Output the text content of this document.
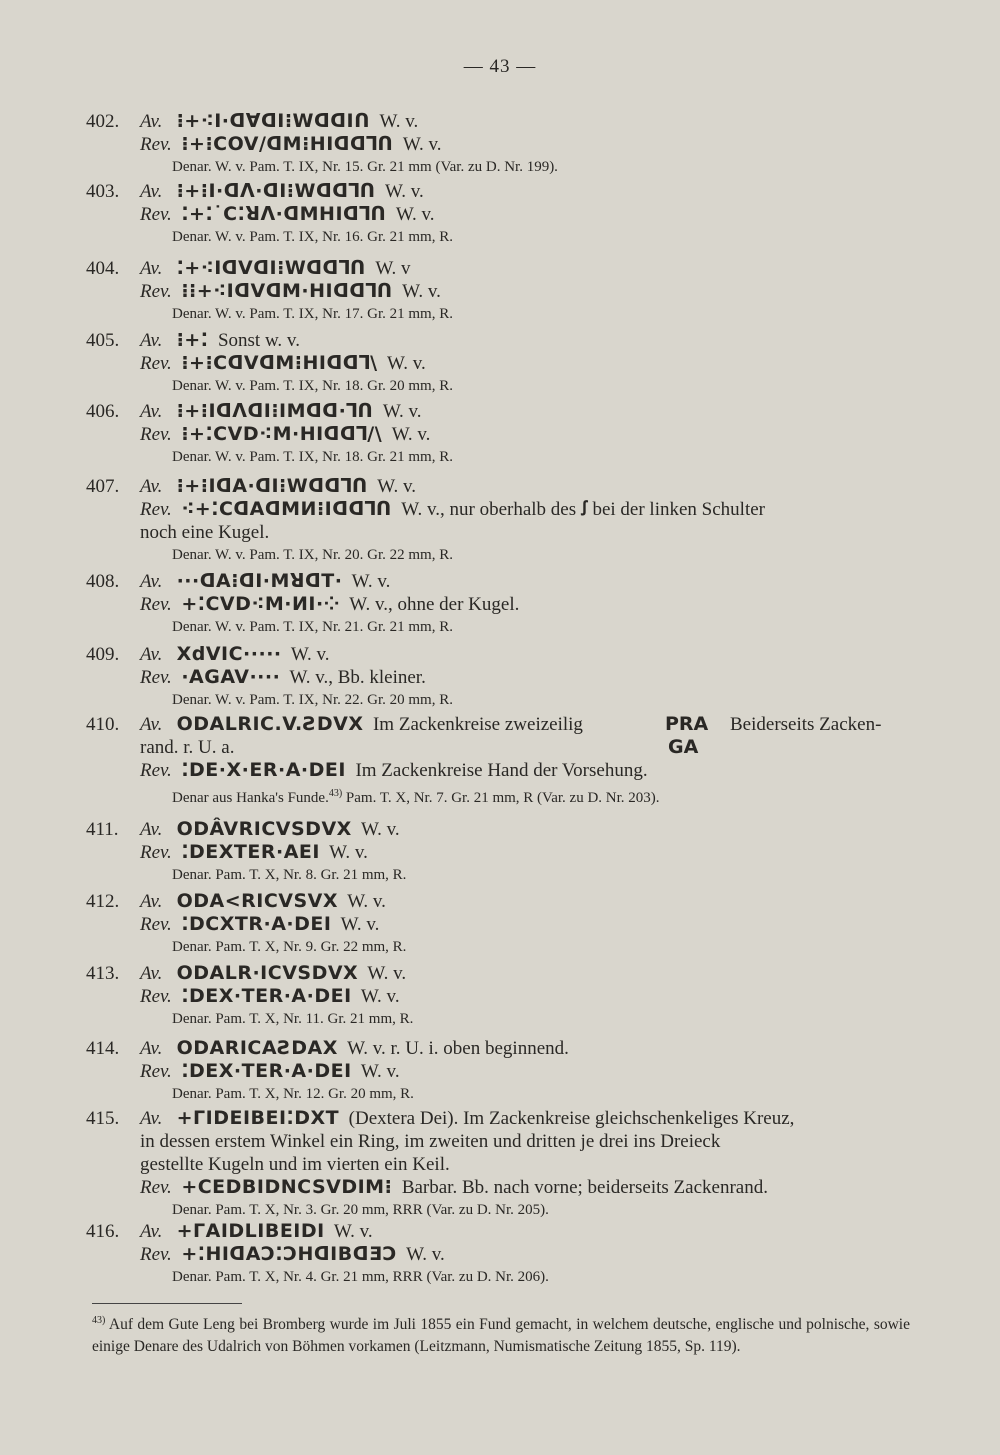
— 43 —
402.	Av. ⁝+⁖I·ꓷꓯꓷI⁝WꓷꓷIꓵ W. v.
Rev. ⁝+⁝COV/ꓷM⁝HIꓷꓷꓶꓵ W. v.
Denar. W. v. Pam. T. IX, Nr. 15. Gr. 21 mm (Var. zu D. Nr. 199).
403.	Av. ⁝+⁝I·ꓷꓥ·ꓷI⁝Wꓷꓷꓶꓵ W. v.
Rev. ⁚+⁚˙C⁚ꓤꓥ·ꓷMHIꓷꓶꓵ W. v.
Denar. W. v. Pam. T. IX, Nr. 16. Gr. 21 mm, R.
404.	Av. ⁚+⁖IꓷVꓷI⁝Wꓷꓷꓶꓵ W. v
Rev. ⁝⁝+⁖IꓷVꓷM·HIꓷꓷꓶꓵ W. v.
Denar. W. v. Pam. T. IX, Nr. 17. Gr. 21 mm, R.
405.	Av. ⁝+⁚ Sonst w. v.
Rev. ⁝+⁝CꓷVꓷM⁝HIꓷꓷꓶ\ W. v.
Denar. W. v. Pam. T. IX, Nr. 18. Gr. 20 mm, R.
406.	Av. ⁝+⁝IꓷꓥꓷI⁝IMꓷꓷ·ꓶꓵ W. v.
Rev. ⁝+⁚CVD⁖M·HIꓷꓷꓶ/\ W. v.
Denar. W. v. Pam. T. IX, Nr. 18. Gr. 21 mm, R.
407.	Av. ⁝+⁝IꓷA·ꓷI⁝Wꓷꓷꓶꓵ W. v.
Rev. ⁖+⁚CꓷAꓷMИ⁝Iꓷꓷꓶꓵ W. v., nur oberhalb des ꭍ bei der linken Schulter
noch eine Kugel.
Denar. W. v. Pam. T. IX, Nr. 20. Gr. 22 mm, R.
408.	Av. ···ꓷA⁝ꓷI·MꓤꓷT· W. v.
Rev. +⁚CVD⁖M·ИI·⁘ W. v., ohne der Kugel.
Denar. W. v. Pam. T. IX, Nr. 21. Gr. 21 mm, R.
409.	Av. XdVIC····· W. v.
Rev. ·AGAV···· W. v., Bb. kleiner.
Denar. W. v. Pam. T. IX, Nr. 22. Gr. 20 mm, R.
410.	Av. ODALRIC.V.ƧDVX Im Zackenkreise zweizeilig	PRA Beiderseits Zacken-
rand. r. U. a.	GA
Rev. ⁚DE·X·ER·A·DEI Im Zackenkreise Hand der Vorsehung.
Denar aus Hanka's Funde.$^{43)}$ Pam. T. X, Nr. 7. Gr. 21 mm, R (Var. zu D. Nr. 203).
411.	Av. ODÂVRICVSDVX W. v.
Rev. ⁚DEXTER·AEI W. v.
Denar. Pam. T. X, Nr. 8. Gr. 21 mm, R.
412.	Av. ODA<RICVSVX W. v.
Rev. ⁚DCXTR·A·DEI W. v.
Denar. Pam. T. X, Nr. 9. Gr. 22 mm, R.
413.	Av. ODALR·ICVSDVX W. v.
Rev. ⁚DEX·TER·A·DEI W. v.
Denar. Pam. T. X, Nr. 11. Gr. 21 mm, R.
414.	Av. ODARICAƧDAX W. v. r. U. i. oben beginnend.
Rev. ⁚DEX·TER·A·DEI W. v.
Denar. Pam. T. X, Nr. 12. Gr. 20 mm, R.
415.	Av. +ГIDEIBEI⁚DXT (Dextera Dei). Im Zackenkreise gleichschenkeliges Kreuz,
in dessen erstem Winkel ein Ring, im zweiten und dritten je drei ins Dreieck
gestellte Kugeln und im vierten ein Keil.
Rev. +CEDBIDNCSVDIM⁝ Barbar. Bb. nach vorne; beiderseits Zackenrand.
Denar. Pam. T. X, Nr. 3. Gr. 20 mm, RRR (Var. zu D. Nr. 205).
416.	Av. +ГAIDLIBEIDI W. v.
Rev. +⁚HIꓷAƆ⁚ƆHꓷIBꓷƎƆ W. v.
Denar. Pam. T. X, Nr. 4. Gr. 21 mm, RRR (Var. zu D. Nr. 206).
$^{43)}$ Auf dem Gute Leng bei Bromberg wurde im Juli 1855 ein Fund gemacht, in welchem deutsche, englische und polnische, sowie einige Denare des Udalrich von Böhmen vorkamen (Leitzmann, Numismatische Zeitung 1855, Sp. 119).
